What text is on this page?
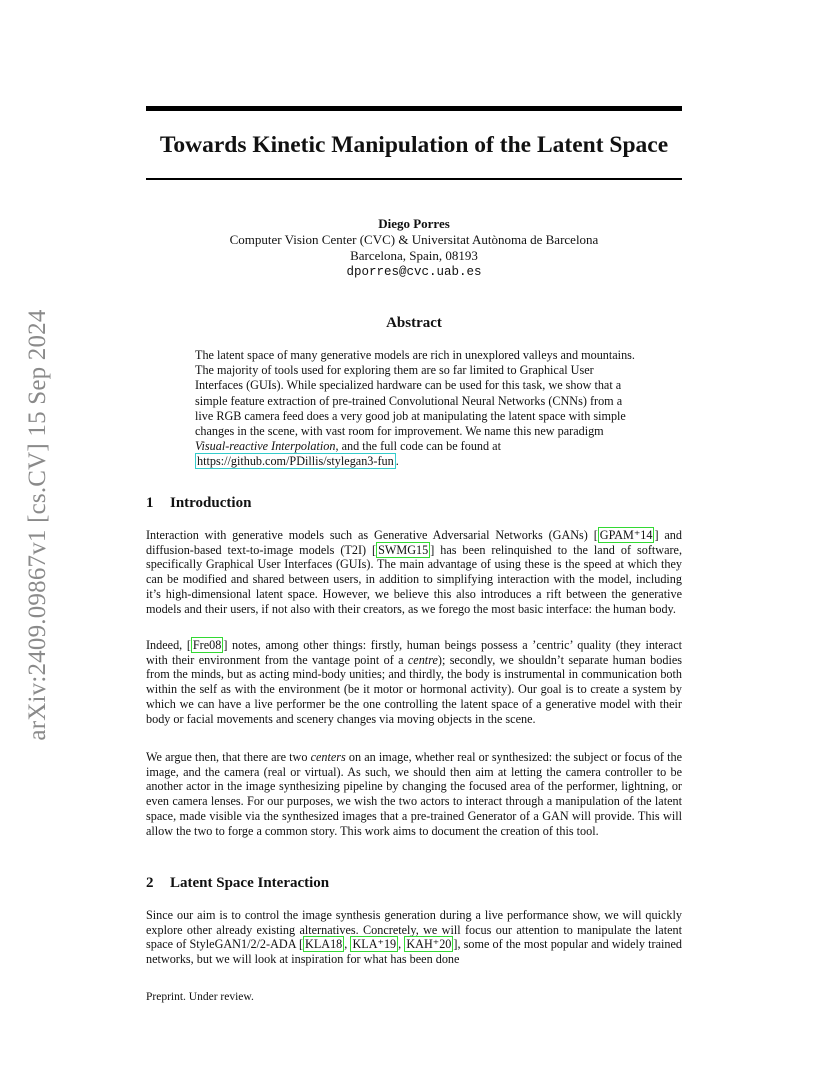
arXiv:2409.09867v1 [cs.CV] 15 Sep 2024
Towards Kinetic Manipulation of the Latent Space
Diego Porres
Computer Vision Center (CVC) & Universitat Autònoma de Barcelona
Barcelona, Spain, 08193
dporres@cvc.uab.es
Abstract

The latent space of many generative models are rich in unexplored valleys and mountains. The majority of tools used for exploring them are so far limited to Graphical User Interfaces (GUIs). While specialized hardware can be used for this task, we show that a simple feature extraction of pre-trained Convolutional Neural Networks (CNNs) from a live RGB camera feed does a very good job at manipulating the latent space with simple changes in the scene, with vast room for improvement. We name this new paradigm Visual-reactive Interpolation, and the full code can be found at https://github.com/PDillis/stylegan3-fun .

1 Introduction

Interaction with generative models such as Generative Adversarial Networks (GANs) [ GPAM⁺14 ] and diffusion-based text-to-image models (T2I) [ SWMG15 ] has been relinquished to the land of software, specifically Graphical User Interfaces (GUIs). The main advantage of using these is the speed at which they can be modified and shared between users, in addition to simplifying interaction with the model, including it’s high-dimensional latent space. However, we believe this also introduces a rift between the generative models and their users, if not also with their creators, as we forego the most basic interface: the human body.

Indeed, [ Fre08 ] notes, among other things: firstly, human beings possess a ’centric’ quality (they interact with their environment from the vantage point of a centre); secondly, we shouldn’t separate human bodies from the minds, but as acting mind-body unities; and thirdly, the body is instrumental in communication both within the self as with the environment (be it motor or hormonal activity). Our goal is to create a system by which we can have a live performer be the one controlling the latent space of a generative model with their body or facial movements and scenery changes via moving objects in the scene.

We argue then, that there are two centers on an image, whether real or synthesized: the subject or focus of the image, and the camera (real or virtual). As such, we should then aim at letting the camera controller to be another actor in the image synthesizing pipeline by changing the focused area of the performer, lightning, or even camera lenses. For our purposes, we wish the two actors to interact through a manipulation of the latent space, made visible via the synthesized images that a pre-trained Generator of a GAN will provide. This will allow the two to forge a common story. This work aims to document the creation of this tool.

2 Latent Space Interaction

Since our aim is to control the image synthesis generation during a live performance show, we will quickly explore other already existing alternatives. Concretely, we will focus our attention to manipulate the latent space of StyleGAN1/2/2-ADA [ KLA18 , KLA⁺19 , KAH⁺20 ], some of the most popular and widely trained networks, but we will look at inspiration for what has been done

Preprint. Under review.
